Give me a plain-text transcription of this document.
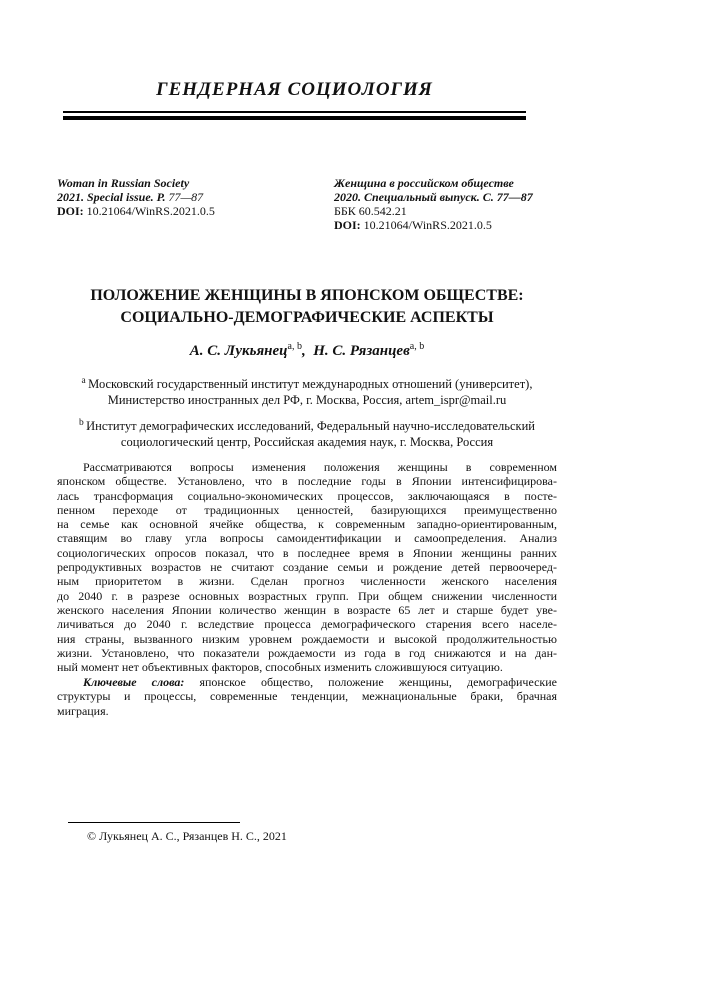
ГЕНДЕРНАЯ СОЦИОЛОГИЯ
Woman in Russian Society
2021. Special issue. P. 77—87
DOI: 10.21064/WinRS.2021.0.5
Женщина в российском обществе
2020. Специальный выпуск. С. 77—87
ББК 60.542.21
DOI: 10.21064/WinRS.2021.0.5
ПОЛОЖЕНИЕ ЖЕНЩИНЫ В ЯПОНСКОМ ОБЩЕСТВЕ:
СОЦИАЛЬНО-ДЕМОГРАФИЧЕСКИЕ АСПЕКТЫ
А. С. Лукьянец$^{a, b}$,  Н. С. Рязанцев$^{a, b}$
$^a$ Московский государственный институт международных отношений (университет),
Министерство иностранных дел РФ, г. Москва, Россия, artem_ispr@mail.ru
$^b$ Институт демографических исследований, Федеральный научно-исследовательский
социологический центр, Российская академия наук, г. Москва, Россия
Рассматриваются вопросы изменения положения женщины в современном
японском обществе. Установлено, что в последние годы в Японии интенсифицирова-
лась трансформация социально-экономических процессов, заключающаяся в посте-
пенном переходе от традиционных ценностей, базирующихся преимущественно
на семье как основной ячейке общества, к современным западно-ориентированным,
ставящим во главу угла вопросы самоидентификации и самоопределения. Анализ
социологических опросов показал, что в последнее время в Японии женщины ранних
репродуктивных возрастов не считают создание семьи и рождение детей первоочеред-
ным приоритетом в жизни. Сделан прогноз численности женского населения
до 2040 г. в разрезе основных возрастных групп. При общем снижении численности
женского населения Японии количество женщин в возрасте 65 лет и старше будет уве-
личиваться до 2040 г. вследствие процесса демографического старения всего населе-
ния страны, вызванного низким уровнем рождаемости и высокой продолжительностью
жизни. Установлено, что показатели рождаемости из года в год снижаются и на дан-
ный момент нет объективных факторов, способных изменить сложившуюся ситуацию.
Ключевые слова: японское общество, положение женщины, демографические
структуры и процессы, современные тенденции, межнациональные браки, брачная
миграция.
© Лукьянец А. С., Рязанцев Н. С., 2021
